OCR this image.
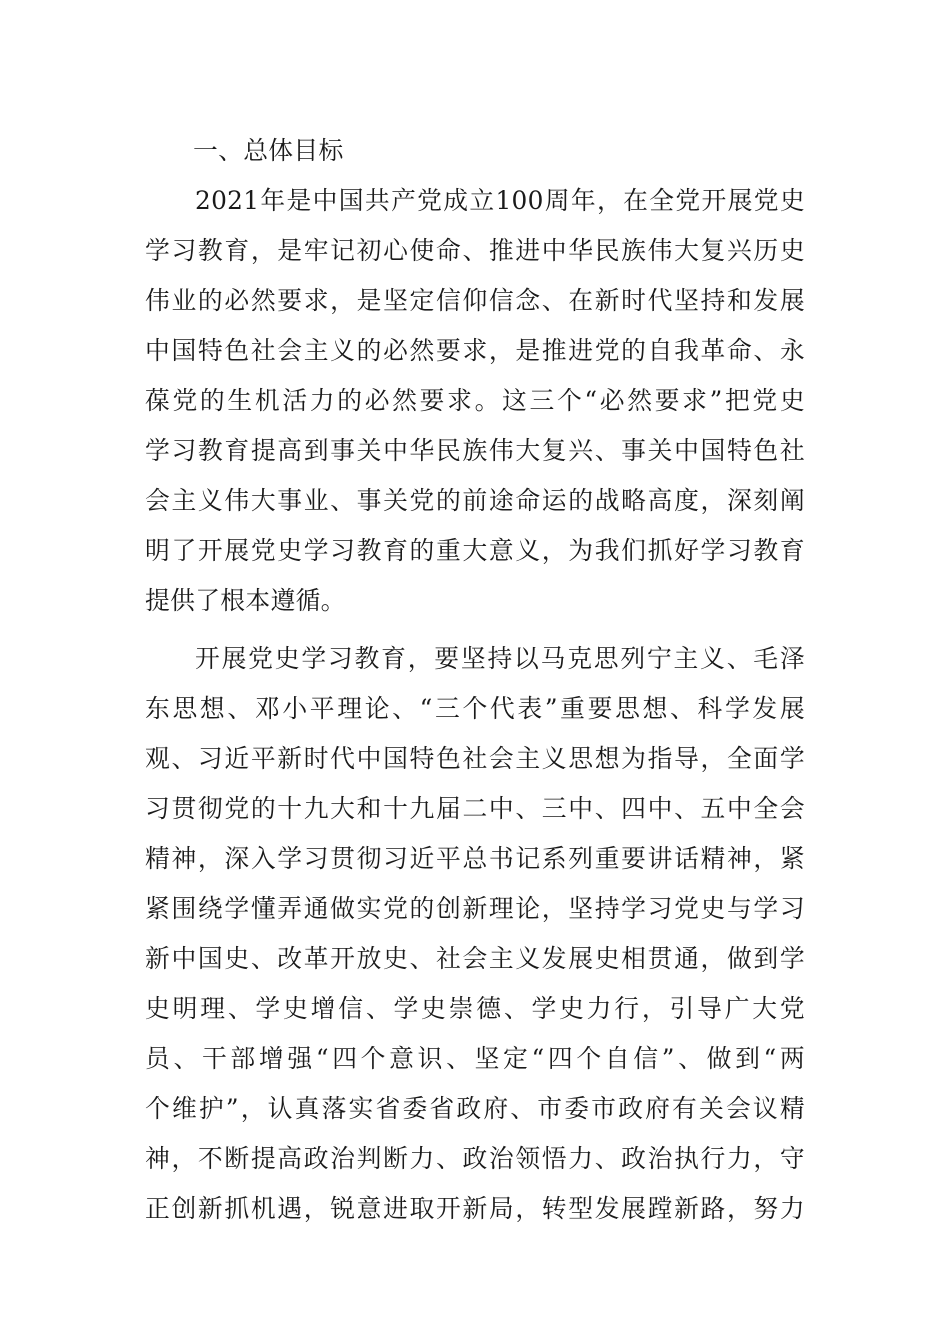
一、总体目标
2021年是中国共产党成立100周年，在全党开展党史
学习教育，是牢记初心使命、推进中华民族伟大复兴历史
伟业的必然要求，是坚定信仰信念、在新时代坚持和发展
中国特色社会主义的必然要求，是推进党的自我革命、永
葆党的生机活力的必然要求。这三个“必然要求”把党史
学习教育提高到事关中华民族伟大复兴、事关中国特色社
会主义伟大事业、事关党的前途命运的战略高度，深刻阐
明了开展党史学习教育的重大意义，为我们抓好学习教育
提供了根本遵循。
开展党史学习教育，要坚持以马克思列宁主义、毛泽
东思想、邓小平理论、“三个代表”重要思想、科学发展
观、习近平新时代中国特色社会主义思想为指导，全面学
习贯彻党的十九大和十九届二中、三中、四中、五中全会
精神，深入学习贯彻习近平总书记系列重要讲话精神，紧
紧围绕学懂弄通做实党的创新理论，坚持学习党史与学习
新中国史、改革开放史、社会主义发展史相贯通，做到学
史明理、学史增信、学史崇德、学史力行，引导广大党
员、干部增强“四个意识、坚定“四个自信”、做到“两
个维护”，认真落实省委省政府、市委市政府有关会议精
神，不断提高政治判断力、政治领悟力、政治执行力，守
正创新抓机遇，锐意进取开新局，转型发展蹚新路，努力
